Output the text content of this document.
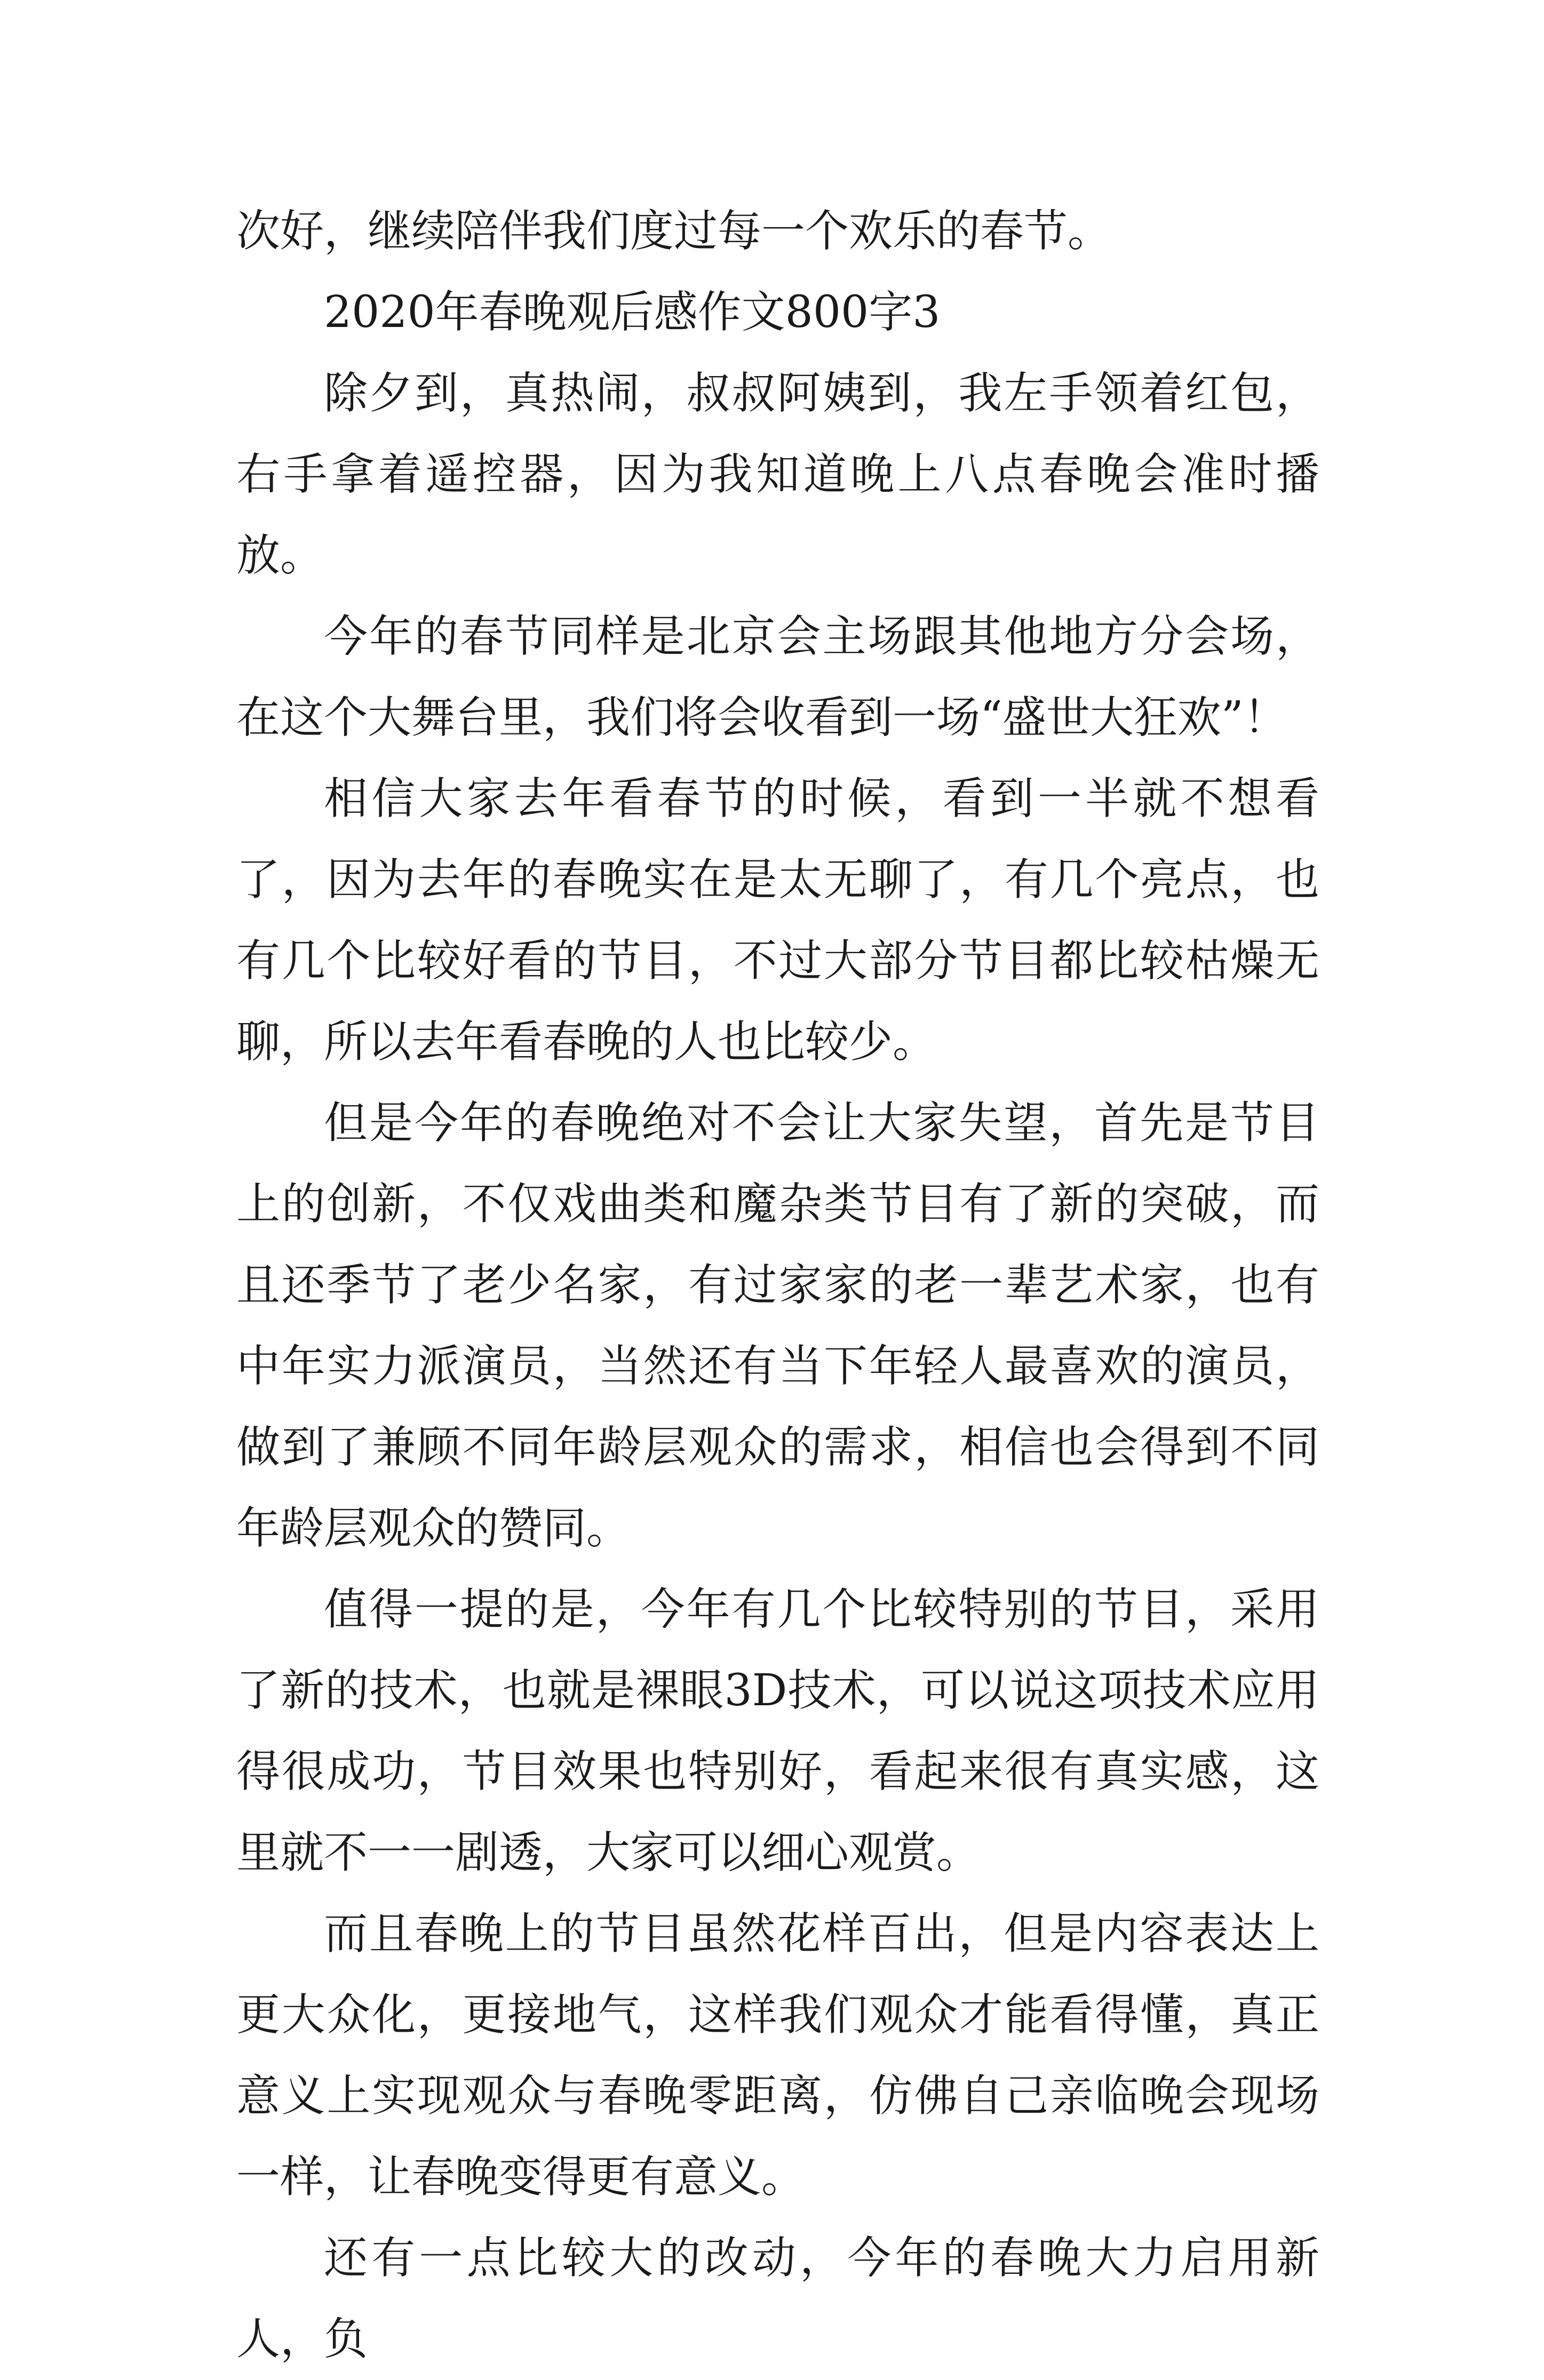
次好，继续陪伴我们度过每一个欢乐的春节。

2020年春晚观后感作文800字3

除夕到，真热闹，叔叔阿姨到，我左手领着红包，右手拿着遥控器，因为我知道晚上八点春晚会准时播放。

今年的春节同样是北京会主场跟其他地方分会场，在这个大舞台里，我们将会收看到一场“盛世大狂欢”！

相信大家去年看春节的时候，看到一半就不想看了，因为去年的春晚实在是太无聊了，有几个亮点，也有几个比较好看的节目，不过大部分节目都比较枯燥无聊，所以去年看春晚的人也比较少。

但是今年的春晚绝对不会让大家失望，首先是节目上的创新，不仅戏曲类和魔杂类节目有了新的突破，而且还季节了老少名家，有过家家的老一辈艺术家，也有中年实力派演员，当然还有当下年轻人最喜欢的演员，做到了兼顾不同年龄层观众的需求，相信也会得到不同年龄层观众的赞同。

值得一提的是，今年有几个比较特别的节目，采用了新的技术，也就是裸眼3D技术，可以说这项技术应用得很成功，节目效果也特别好，看起来很有真实感，这里就不一一剧透，大家可以细心观赏。

而且春晚上的节目虽然花样百出，但是内容表达上更大众化，更接地气，这样我们观众才能看得懂，真正意义上实现观众与春晚零距离，仿佛自己亲临晚会现场一样，让春晚变得更有意义。

还有一点比较大的改动，今年的春晚大力启用新人，负
